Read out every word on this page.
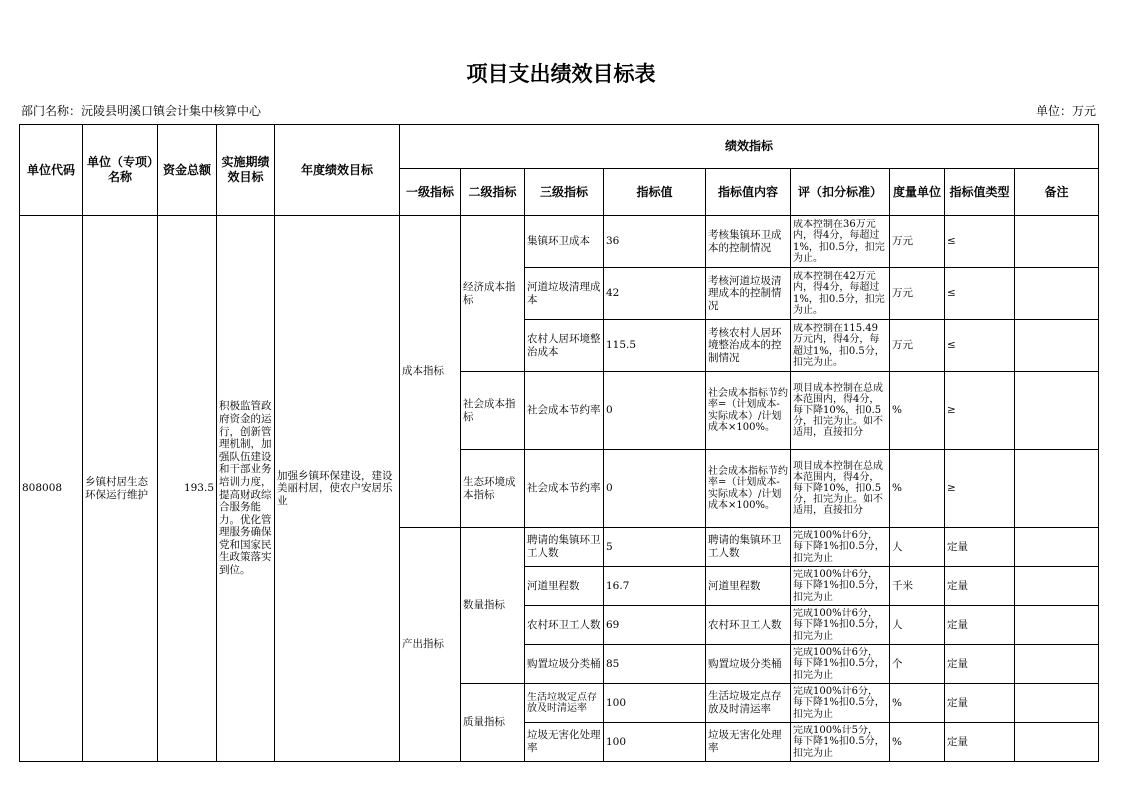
项目支出绩效目标表
部门名称：沅陵县明溪口镇会计集中核算中心	单位：万元
单位代码	单位（专项）名称	资金总额	实施期绩效目标	年度绩效目标	绩效指标								
					一级指标	二级指标	三级指标	指标值	指标值内容	评（扣分标准）	度量单位	指标值类型	备注
808008	乡镇村居生态环保运行维护	193.5	积极监管政府资金的运行，创新管理机制，加强队伍建设和干部业务培训力度，提高财政综合服务能力。优化管理服务确保党和国家民生政策落实到位。	加强乡镇环保建设，建设美丽村居，使农户安居乐业	成本指标	经济成本指标	集镇环卫成本	36	考核集镇环卫成本的控制情况	成本控制在36万元内，得4分，每超过1%，扣0.5分，扣完为止。	万元	≤	
							河道垃圾清理成本	42	考核河道垃圾清理成本的控制情况	成本控制在42万元内，得4分，每超过1%，扣0.5分，扣完为止。	万元	≤	
							农村人居环境整治成本	115.5	考核农村人居环境整治成本的控制情况	成本控制在115.49万元内，得4分，每超过1%，扣0.5分，扣完为止。	万元	≤	
						社会成本指标	社会成本节约率	0	社会成本指标节约率=（计划成本-实际成本）/计划成本×100%。	项目成本控制在总成本范围内，得4分，每下降10%，扣0.5分，扣完为止。如不适用，直接扣分	%	≥	
						生态环境成本指标	社会成本节约率	0	社会成本指标节约率=（计划成本-实际成本）/计划成本×100%。	项目成本控制在总成本范围内，得4分，每下降10%，扣0.5分，扣完为止。如不适用，直接扣分	%	≥	
					产出指标	数量指标	聘请的集镇环卫工人数	5	聘请的集镇环卫工人数	完成100%计6分，每下降1%扣0.5分，扣完为止	人	定量	
							河道里程数	16.7	河道里程数	完成100%计6分，每下降1%扣0.5分，扣完为止	千米	定量	
							农村环卫工人数	69	农村环卫工人数	完成100%计6分，每下降1%扣0.5分，扣完为止	人	定量	
							购置垃圾分类桶	85	购置垃圾分类桶	完成100%计6分，每下降1%扣0.5分，扣完为止	个	定量	
						质量指标	生活垃圾定点存放及时清运率	100	生活垃圾定点存放及时清运率	完成100%计6分，每下降1%扣0.5分，扣完为止	%	定量	
							垃圾无害化处理率	100	垃圾无害化处理率	完成100%计5分，每下降1%扣0.5分，扣完为止	%	定量	
